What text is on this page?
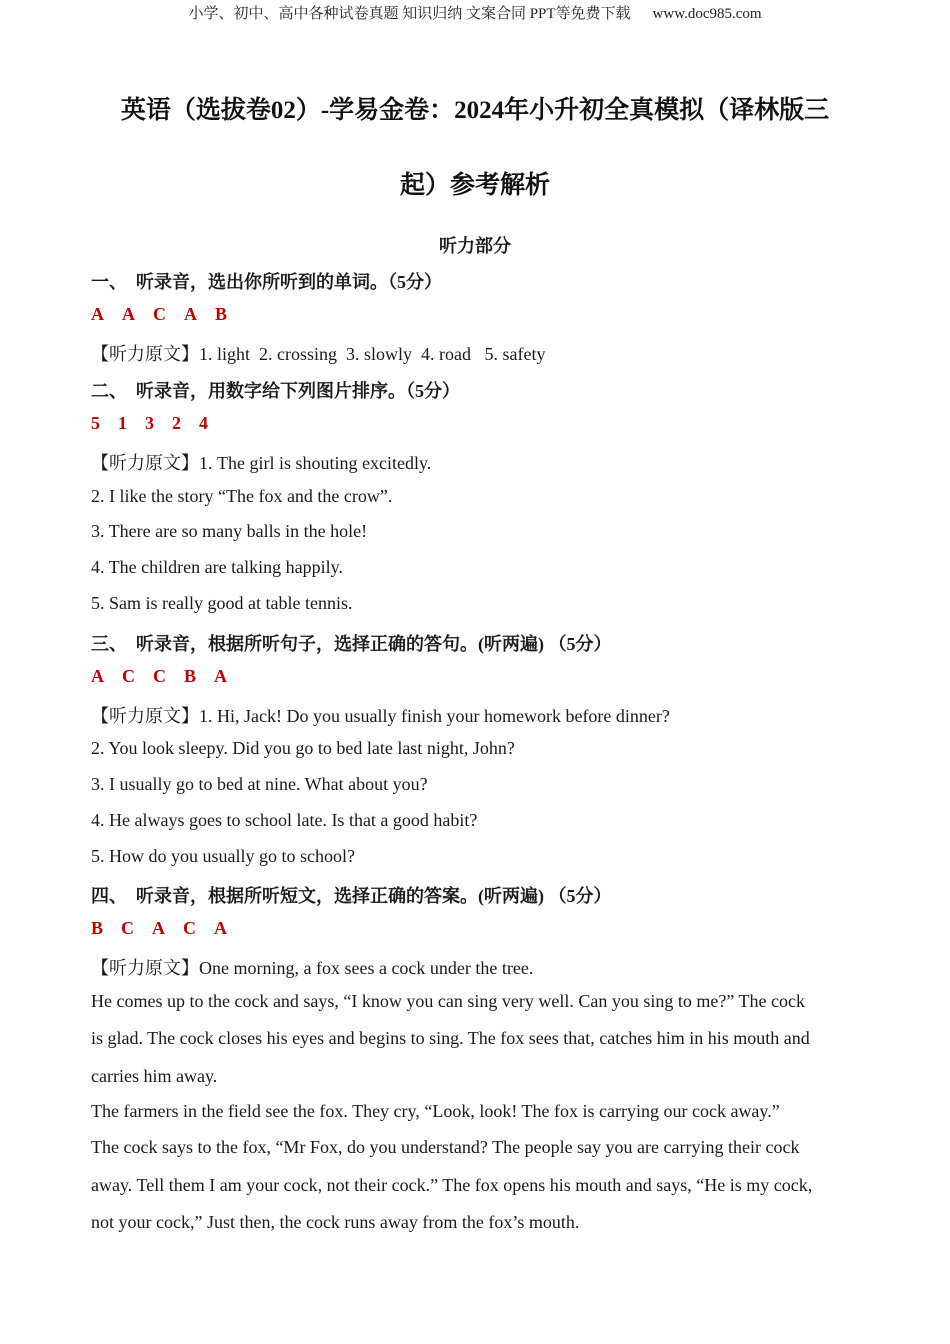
小学、初中、高中各种试卷真题 知识归纳 文案合同 PPT等免费下载 www.doc985.com
英语（选拔卷02）-学易金卷：2024年小升初全真模拟（译林版三
起）参考解析
听力部分
一、　听录音，选出你所听到的单词。（5分）
A A C A B
【听力原文】1. light  2. crossing  3. slowly  4. road   5. safety
二、　听录音，用数字给下列图片排序。（5分）
5 1 3 2 4
【听力原文】1. The girl is shouting excitedly.
2. I like the story “The fox and the crow”.
3. There are so many balls in the hole!
4. The children are talking happily.
5. Sam is really good at table tennis.
三、　听录音，根据所听句子，选择正确的答句。(听两遍) （5分）
A C C B A
【听力原文】1. Hi, Jack! Do you usually finish your homework before dinner?
2. You look sleepy. Did you go to bed late last night, John?
3. I usually go to bed at nine. What about you?
4. He always goes to school late. Is that a good habit?
5. How do you usually go to school?
四、　听录音，根据所听短文，选择正确的答案。(听两遍) （5分）
B C A C A
【听力原文】One morning, a fox sees a cock under the tree.
He comes up to the cock and says, “I know you can sing very well. Can you sing to me?” The cock
is glad. The cock closes his eyes and begins to sing. The fox sees that, catches him in his mouth and
carries him away.
The farmers in the field see the fox. They cry, “Look, look! The fox is carrying our cock away.”
The cock says to the fox, “Mr Fox, do you understand? The people say you are carrying their cock
away. Tell them I am your cock, not their cock.” The fox opens his mouth and says, “He is my cock,
not your cock,” Just then, the cock runs away from the fox’s mouth.
